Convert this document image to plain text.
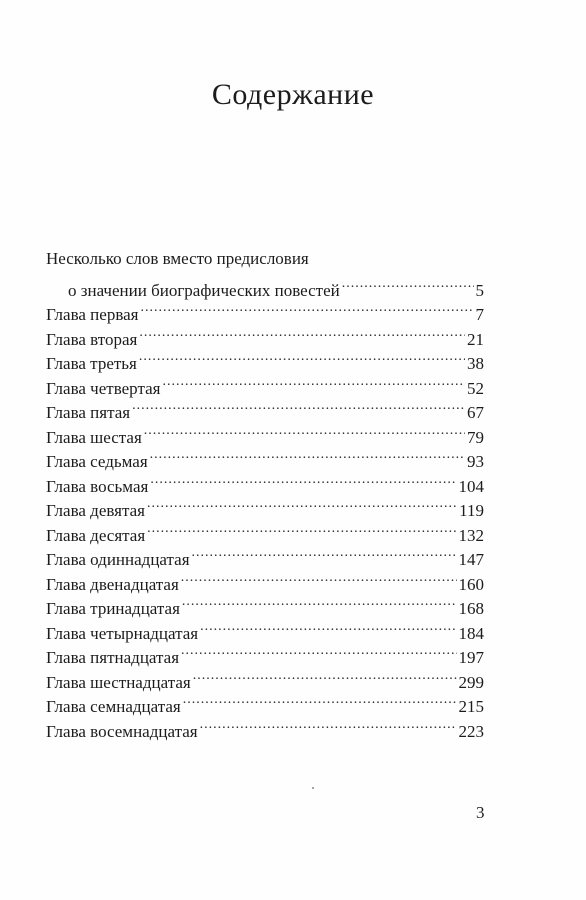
Содержание
Несколько слов вместо предисловия
о значении биографических повестей .....	5
Глава первая .....	7
Глава вторая .....	21
Глава третья .....	38
Глава четвертая .....	52
Глава пятая .....	67
Глава шестая .....	79
Глава седьмая .....	93
Глава восьмая .....	104
Глава девятая .....	119
Глава десятая .....	132
Глава одиннадцатая .....	147
Глава двенадцатая .....	160
Глава тринадцатая .....	168
Глава четырнадцатая .....	184
Глава пятнадцатая .....	197
Глава шестнадцатая .....	299
Глава семнадцатая .....	215
Глава восемнадцатая .....	223
3
